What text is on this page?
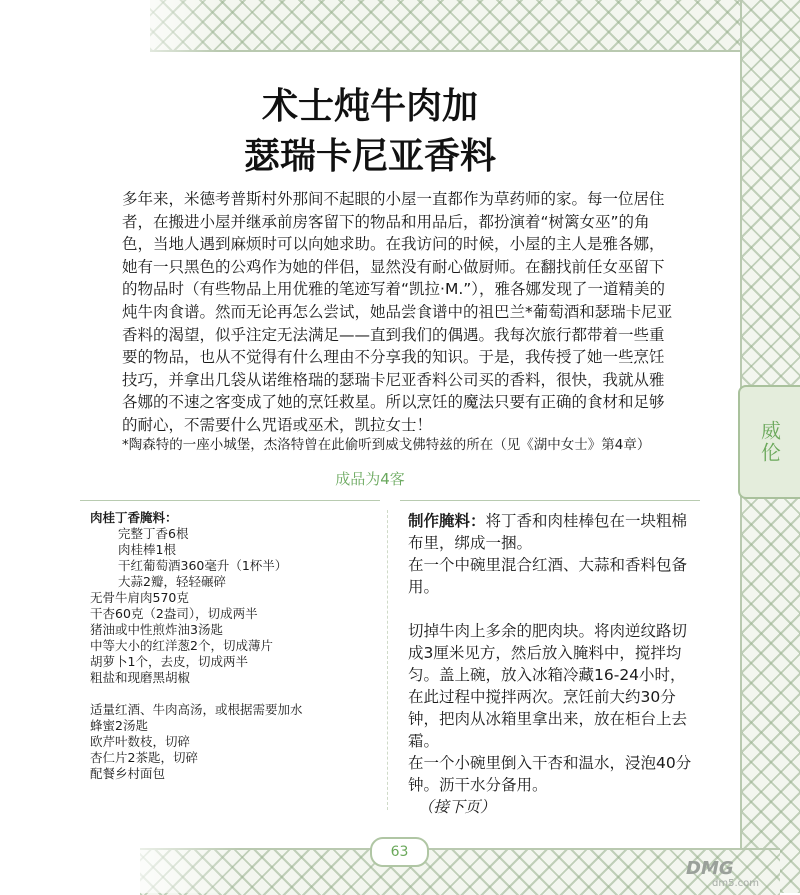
威伦
术士炖牛肉加
瑟瑞卡尼亚香料

多年来，米德考普斯村外那间不起眼的小屋一直都作为草药师的家。每一位居住者，在搬进小屋并继承前房客留下的物品和用品后，都扮演着“树篱女巫”的角色，当地人遇到麻烦时可以向她求助。在我访问的时候，小屋的主人是雅各娜，她有一只黑色的公鸡作为她的伴侣，显然没有耐心做厨师。在翻找前任女巫留下的物品时（有些物品上用优雅的笔迹写着“凯拉·M.”），雅各娜发现了一道精美的炖牛肉食谱。然而无论再怎么尝试，她品尝食谱中的祖巴兰*葡萄酒和瑟瑞卡尼亚香料的渴望，似乎注定无法满足——直到我们的偶遇。我每次旅行都带着一些重要的物品，也从不觉得有什么理由不分享我的知识。于是，我传授了她一些烹饪技巧，并拿出几袋从诺维格瑞的瑟瑞卡尼亚香料公司买的香料，很快，我就从雅各娜的不速之客变成了她的烹饪救星。所以烹饪的魔法只要有正确的食材和足够的耐心，不需要什么咒语或巫术，凯拉女士！

*陶森特的一座小城堡，杰洛特曾在此偷听到威戈佛特兹的所在（见《湖中女士》第4章）

成品为4客
肉桂丁香腌料：
完整丁香6根
肉桂棒1根
干红葡萄酒360毫升（1杯半）
大蒜2瓣，轻轻碾碎
无骨牛肩肉570克
干杏60克（2盎司），切成两半
猪油或中性煎炸油3汤匙
中等大小的红洋葱2个，切成薄片
胡萝卜1个，去皮，切成两半
粗盐和现磨黑胡椒
适量红酒、牛肉高汤，或根据需要加水
蜂蜜2汤匙
欧芹叶数枝，切碎
杏仁片2茶匙，切碎
配餐乡村面包

制作腌料：将丁香和肉桂棒包在一块粗棉布里，绑成一捆。

在一个中碗里混合红酒、大蒜和香料包备用。

切掉牛肉上多余的肥肉块。将肉逆纹路切成3厘米见方，然后放入腌料中，搅拌均匀。盖上碗，放入冰箱冷藏16-24小时，在此过程中搅拌两次。烹饪前大约30分钟，把肉从冰箱里拿出来，放在柜台上去霜。

在一个小碗里倒入干杏和温水，浸泡40分钟。沥干水分备用。

（接下页）

63
DMG
dm5.com
